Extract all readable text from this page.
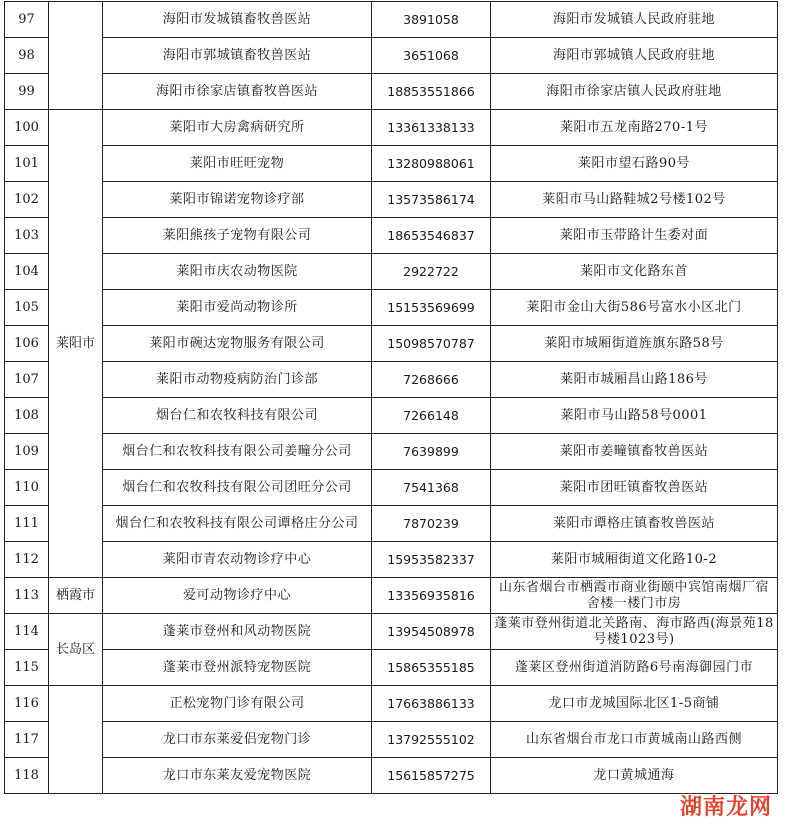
97		海阳市发城镇畜牧兽医站	3891058	海阳市发城镇人民政府驻地
98		海阳市郭城镇畜牧兽医站	3651068	海阳市郭城镇人民政府驻地
99		海阳市徐家店镇畜牧兽医站	18853551866	海阳市徐家店镇人民政府驻地
100	莱阳市	莱阳市大房禽病研究所	13361338133	莱阳市五龙南路270-1号
101		莱阳市旺旺宠物	13280988061	莱阳市望石路90号
102		莱阳市锦诺宠物诊疗部	13573586174	莱阳市马山路鞋城2号楼102号
103		莱阳熊孩子宠物有限公司	18653546837	莱阳市玉带路计生委对面
104		莱阳市庆农动物医院	2922722	莱阳市文化路东首
105		莱阳市爱尚动物诊所	15153569699	莱阳市金山大街586号富水小区北门
106		莱阳市碗达宠物服务有限公司	15098570787	莱阳市城厢街道旌旗东路58号
107		莱阳市动物疫病防治门诊部	7268666	莱阳市城厢昌山路186号
108		烟台仁和农牧科技有限公司	7266148	莱阳市马山路58号0001
109		烟台仁和农牧科技有限公司姜疃分公司	7639899	莱阳市姜疃镇畜牧兽医站
110		烟台仁和农牧科技有限公司团旺分公司	7541368	莱阳市团旺镇畜牧兽医站
111		烟台仁和农牧科技有限公司谭格庄分公司	7870239	莱阳市谭格庄镇畜牧兽医站
112		莱阳市青农动物诊疗中心	15953582337	莱阳市城厢街道文化路10-2
113	栖霞市	爱可动物诊疗中心	13356935816	山东省烟台市栖霞市商业街颐中宾馆南烟厂宿舍楼一楼门市房
114	长岛区	蓬莱市登州和风动物医院	13954508978	蓬莱市登州街道北关路南、海市路西(海景苑18号楼1023号)
115		蓬莱市登州派特宠物医院	15865355185	蓬莱区登州街道消防路6号南海御园门市
116		正松宠物门诊有限公司	17663886133	龙口市龙城国际北区1-5商铺
117		龙口市东莱爱侣宠物门诊	13792555102	山东省烟台市龙口市黄城南山路西侧
118		龙口市东莱友爱宠物医院	15615857275	龙口黄城通海
湖南龙网
